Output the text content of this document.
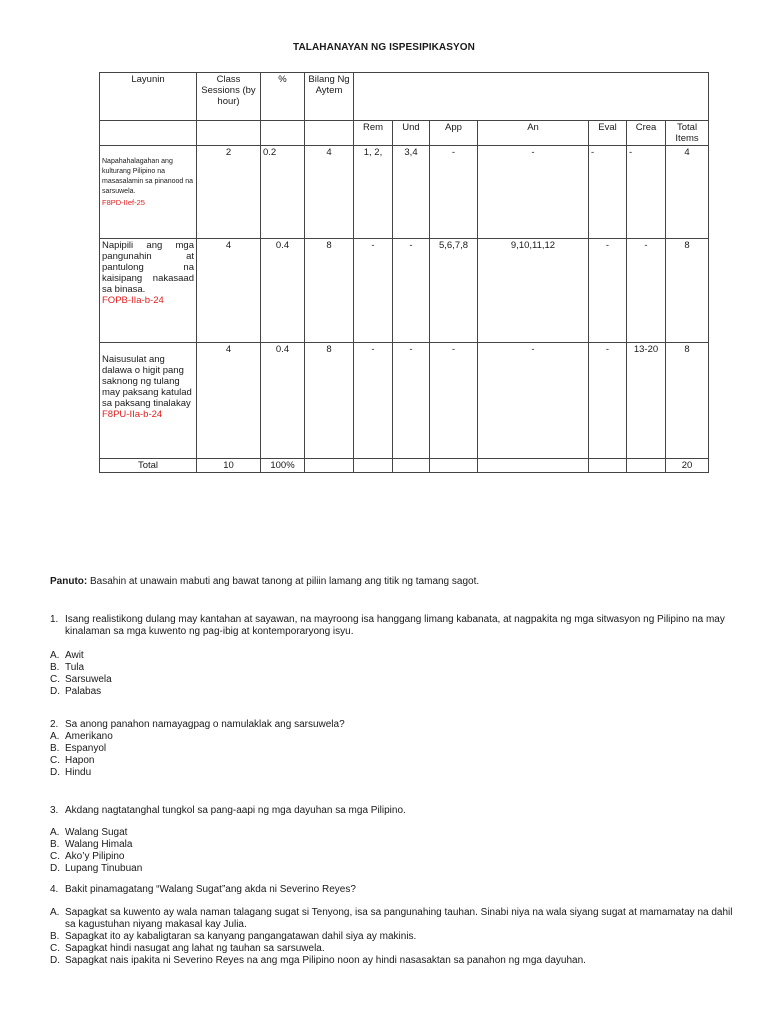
TALAHANAYAN NG ISPESIPIKASYON
Layunin	Class Sessions (by hour)	%	Bilang Ng Aytem							
				Rem	Und	App	An	Eval	Crea	Total Items

Napahahalagahan ang kulturang Pilipino na masasalamin sa pinanood na sarsuwela.
F8PD-IIef-25	2	0.2	4	1, 2,	3,4	-	-	-	-	4

Napipili ang mga pangunahin at pantulong na kaisipang nakasaad sa binasa.
FOPB-IIa-b-24	4	0.4	8	-	-	5,6,7,8	9,10,11,12	-	-	8

Naisusulat ang dalawa o higit pang saknong ng tulang may paksang katulad sa paksang tinalakay
F8PU-IIa-b-24	4	0.4	8	-	-	-	-	-	13-20	8
Total	10	100%								20
Panuto: Basahin at unawain mabuti ang bawat tanong at piliin lamang ang titik ng tamang sagot.
1. Isang realistikong dulang may kantahan at sayawan, na mayroong isa hanggang limang kabanata, at nagpakita ng mga sitwasyon ng Pilipino na may kinalaman sa mga kuwento ng pag-ibig at kontemporaryong isyu.
A. Awit
B. Tula
C. Sarsuwela
D. Palabas
2. Sa anong panahon namayagpag o namulaklak ang sarsuwela?
A. Amerikano
B. Espanyol
C. Hapon
D. Hindu
3. Akdang nagtatanghal tungkol sa pang-aapi ng mga dayuhan sa mga Pilipino.
A. Walang Sugat
B. Walang Himala
C. Ako’y Pilipino
D. Lupang Tinubuan
4. Bakit pinamagatang “Walang Sugat”ang akda ni Severino Reyes?
A. Sapagkat sa kuwento ay wala naman talagang sugat si Tenyong, isa sa pangunahing tauhan. Sinabi niya na wala siyang sugat at mamamatay na dahil sa kagustuhan niyang makasal kay Julia.
B. Sapagkat ito ay kabaligtaran sa kanyang pangangatawan dahil siya ay makinis.
C. Sapagkat hindi nasugat ang lahat ng tauhan sa sarsuwela.
D. Sapagkat nais ipakita ni Severino Reyes na ang mga Pilipino noon ay hindi nasasaktan sa panahon ng mga dayuhan.
